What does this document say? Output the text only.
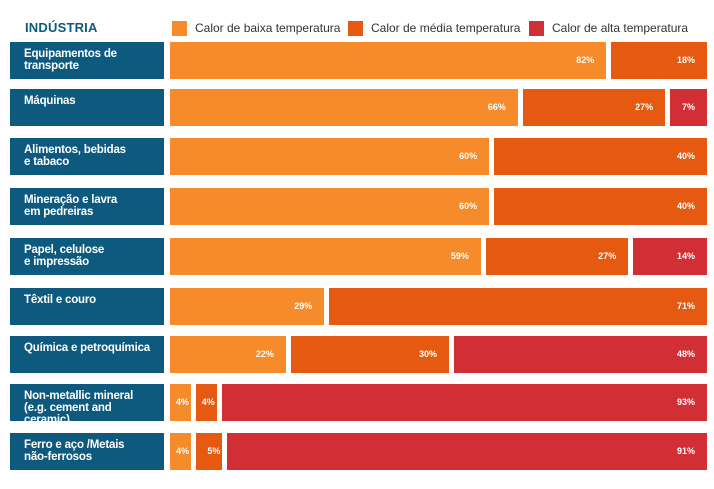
INDÚSTRIA	Calor de baixa temperatura	Calor de média temperatura	Calor de alta temperatura
Equipamentos de
transporte	82%	18%
Máquinas	66%	27%	7%
Alimentos, bebidas
e tabaco	60%	40%
Mineração e lavra
em pedreiras	60%	40%
Papel, celulose
e impressão	59%	27%	14%
Têxtil e couro	29%	71%
Química e petroquímica	22%	30%	48%
Non-metallic mineral
(e.g. cement and
ceramic)
4% 4%	93%
Ferro e aço /Metais
não-ferrosos	4% 5%	91%
